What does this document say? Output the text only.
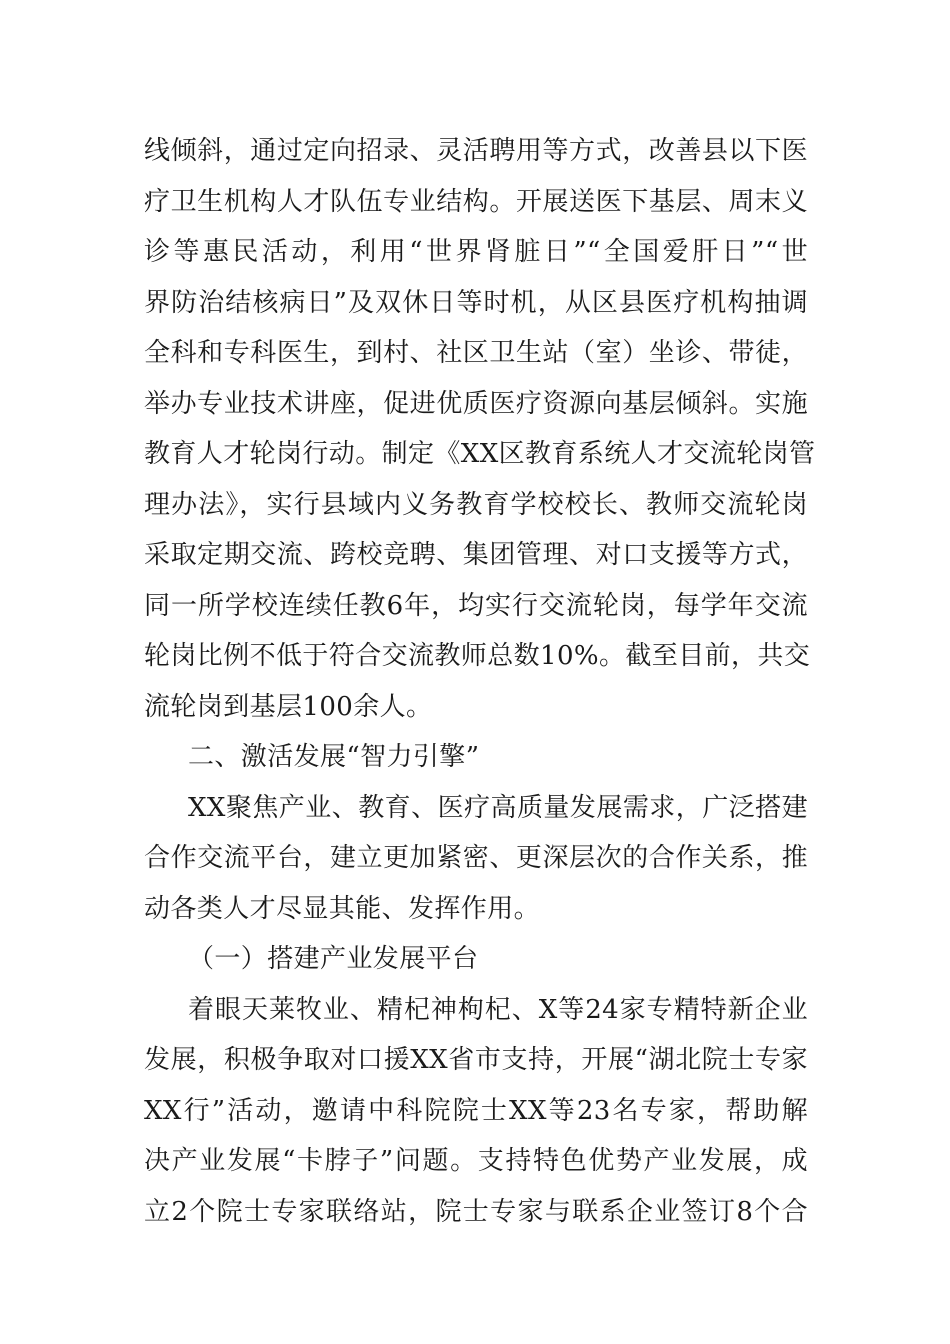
线倾斜，通过定向招录、灵活聘用等方式，改善县以下医
疗卫生机构人才队伍专业结构。开展送医下基层、周末义
诊等惠民活动，利用“世界肾脏日”“全国爱肝日”“世
界防治结核病日”及双休日等时机，从区县医疗机构抽调
全科和专科医生，到村、社区卫生站（室）坐诊、带徒，
举办专业技术讲座，促进优质医疗资源向基层倾斜。实施
教育人才轮岗行动。制定《XX区教育系统人才交流轮岗管
理办法》，实行县域内义务教育学校校长、教师交流轮岗
采取定期交流、跨校竞聘、集团管理、对口支援等方式，
同一所学校连续任教6年，均实行交流轮岗，每学年交流
轮岗比例不低于符合交流教师总数10%。截至目前，共交
流轮岗到基层100余人。
二、激活发展“智力引擎”
XX聚焦产业、教育、医疗高质量发展需求，广泛搭建
合作交流平台，建立更加紧密、更深层次的合作关系，推
动各类人才尽显其能、发挥作用。
（一）搭建产业发展平台
着眼天莱牧业、精杞神枸杞、X等24家专精特新企业
发展，积极争取对口援XX省市支持，开展“湖北院士专家
XX行”活动，邀请中科院院士XX等23名专家，帮助解
决产业发展“卡脖子”问题。支持特色优势产业发展，成
立2个院士专家联络站，院士专家与联系企业签订8个合
